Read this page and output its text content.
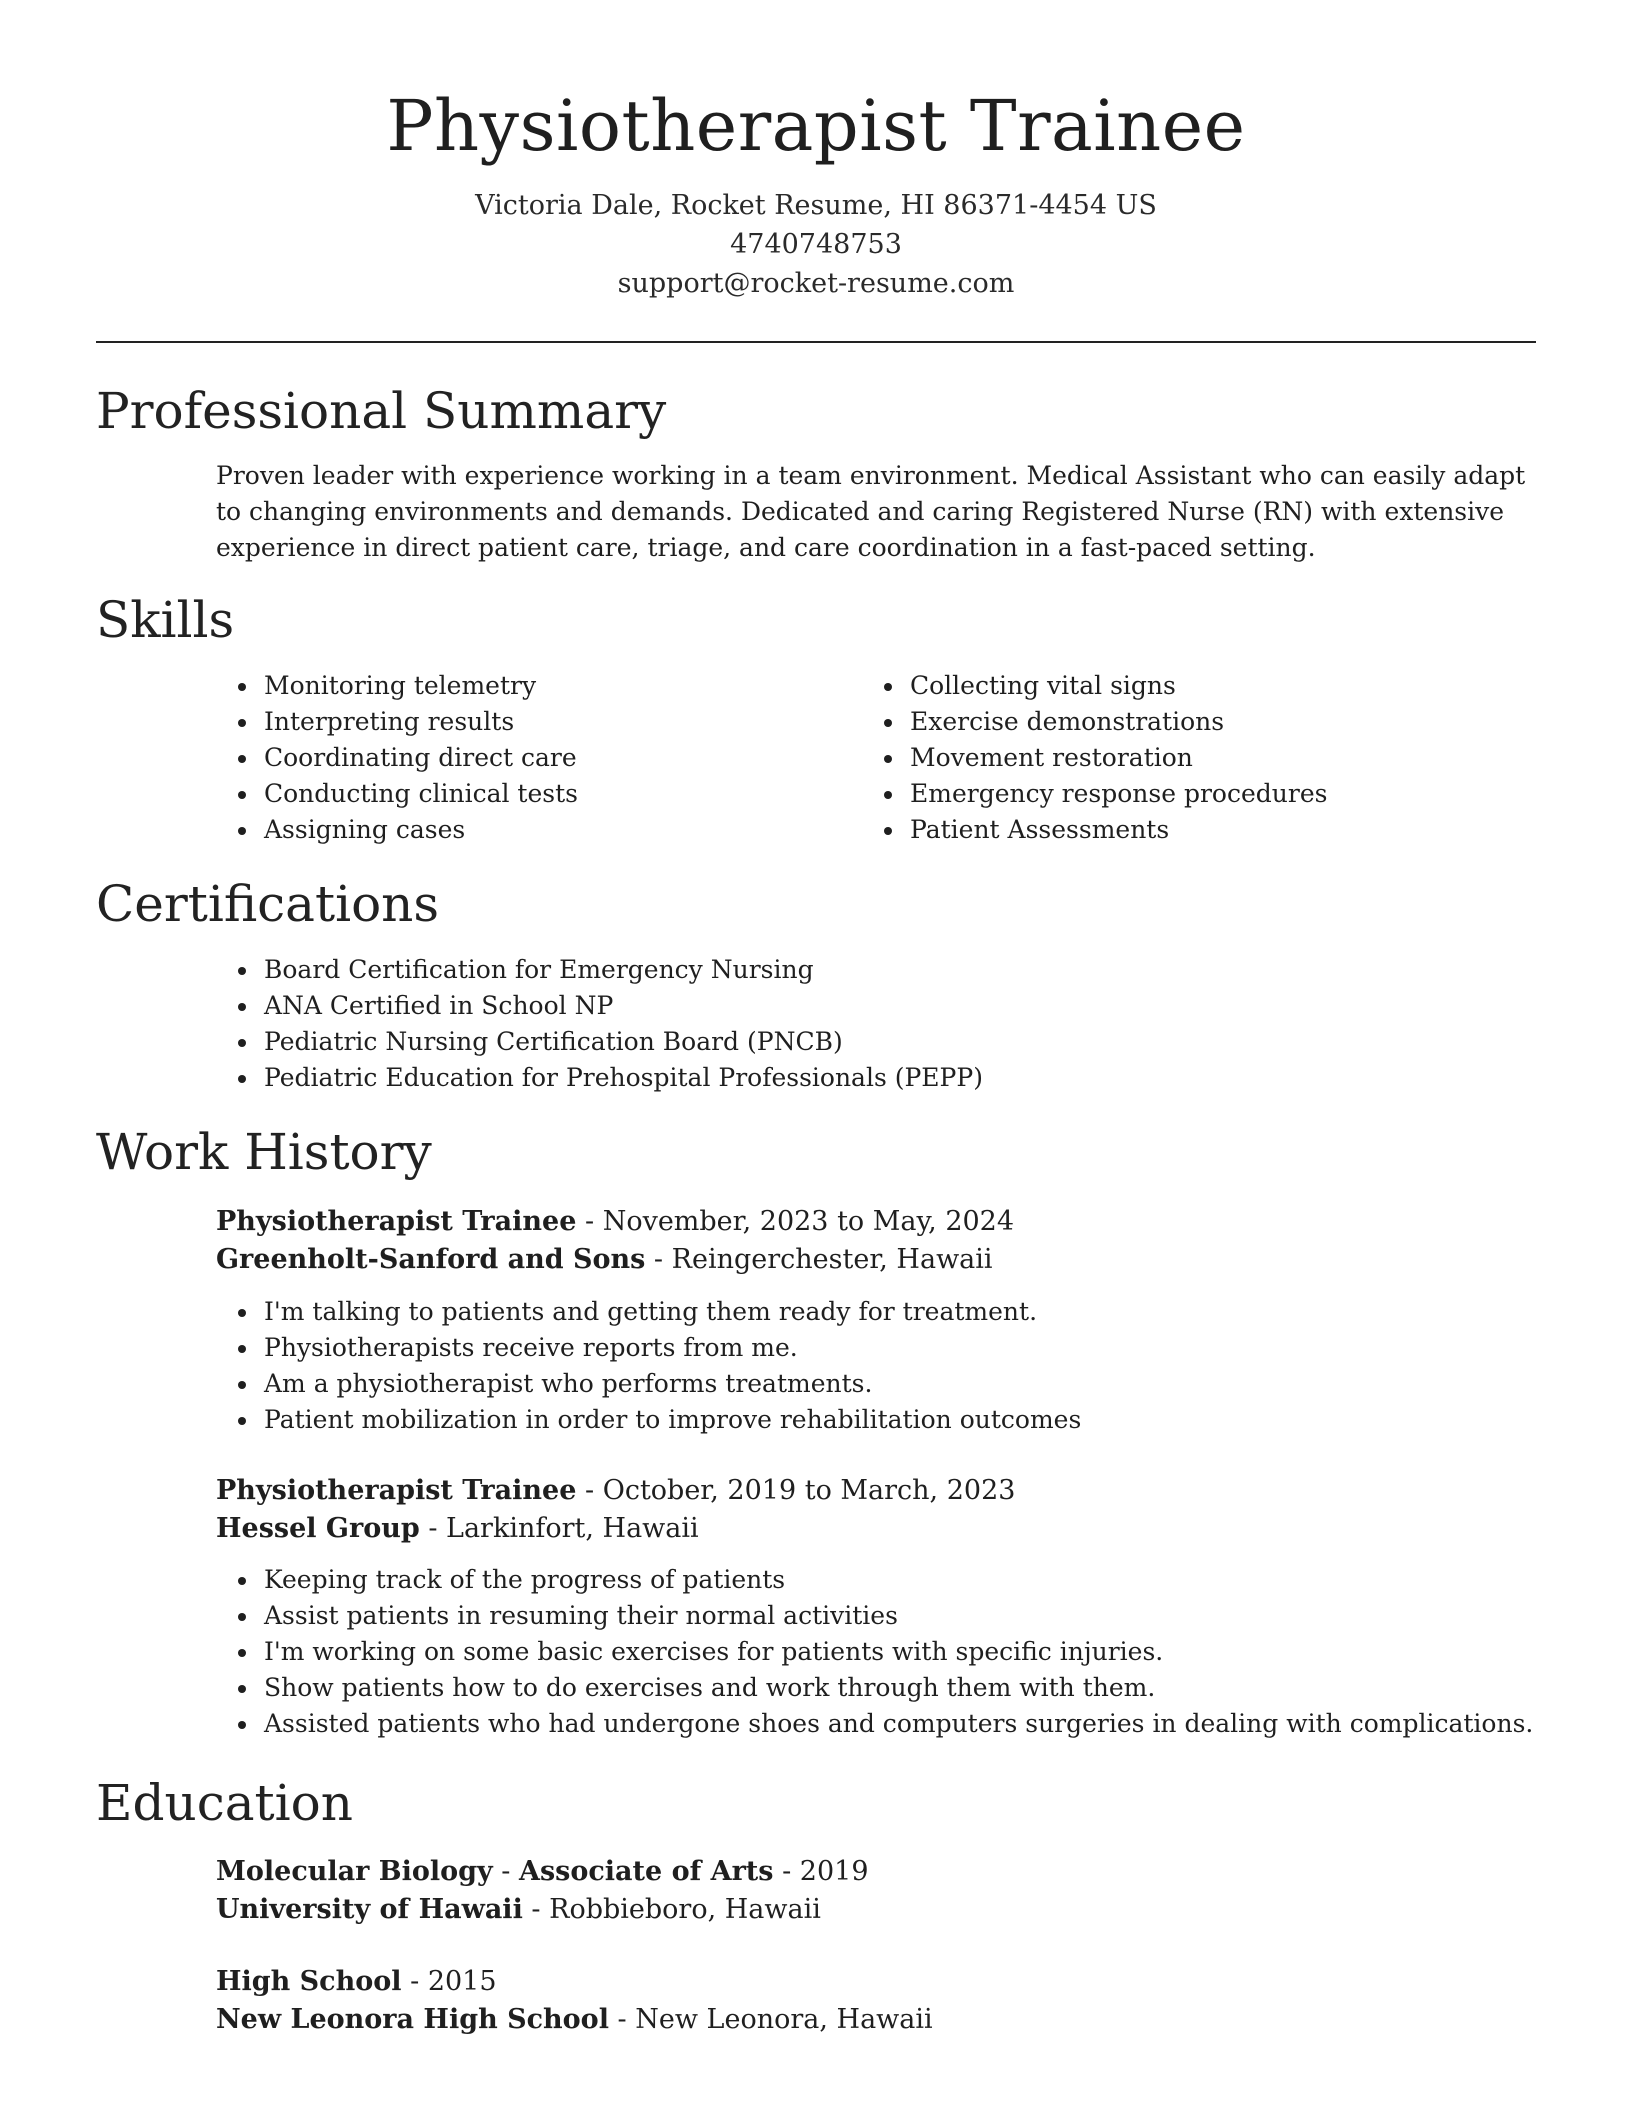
Physiotherapist Trainee
Victoria Dale, Rocket Resume, HI 86371-4454 US
4740748753
support@rocket-resume.com
Professional Summary

Proven leader with experience working in a team environment. Medical Assistant who can easily adapt to changing environments and demands. Dedicated and caring Registered Nurse (RN) with extensive experience in direct patient care, triage, and care coordination in a fast-paced setting.

Skills
• Monitoring telemetry
• Interpreting results
• Coordinating direct care
• Conducting clinical tests
• Assigning cases
• Collecting vital signs
• Exercise demonstrations
• Movement restoration
• Emergency response procedures
• Patient Assessments
Certifications
• Board Certification for Emergency Nursing
• ANA Certified in School NP
• Pediatric Nursing Certification Board (PNCB)
• Pediatric Education for Prehospital Professionals (PEPP)
Work History
Physiotherapist Trainee - November, 2023 to May, 2024
Greenholt-Sanford and Sons - Reingerchester, Hawaii
• I'm talking to patients and getting them ready for treatment.
• Physiotherapists receive reports from me.
• Am a physiotherapist who performs treatments.
• Patient mobilization in order to improve rehabilitation outcomes
Physiotherapist Trainee - October, 2019 to March, 2023
Hessel Group - Larkinfort, Hawaii
• Keeping track of the progress of patients
• Assist patients in resuming their normal activities
• I'm working on some basic exercises for patients with specific injuries.
• Show patients how to do exercises and work through them with them.
• Assisted patients who had undergone shoes and computers surgeries in dealing with complications.
Education
Molecular Biology - Associate of Arts - 2019
University of Hawaii - Robbieboro, Hawaii
High School - 2015
New Leonora High School - New Leonora, Hawaii
